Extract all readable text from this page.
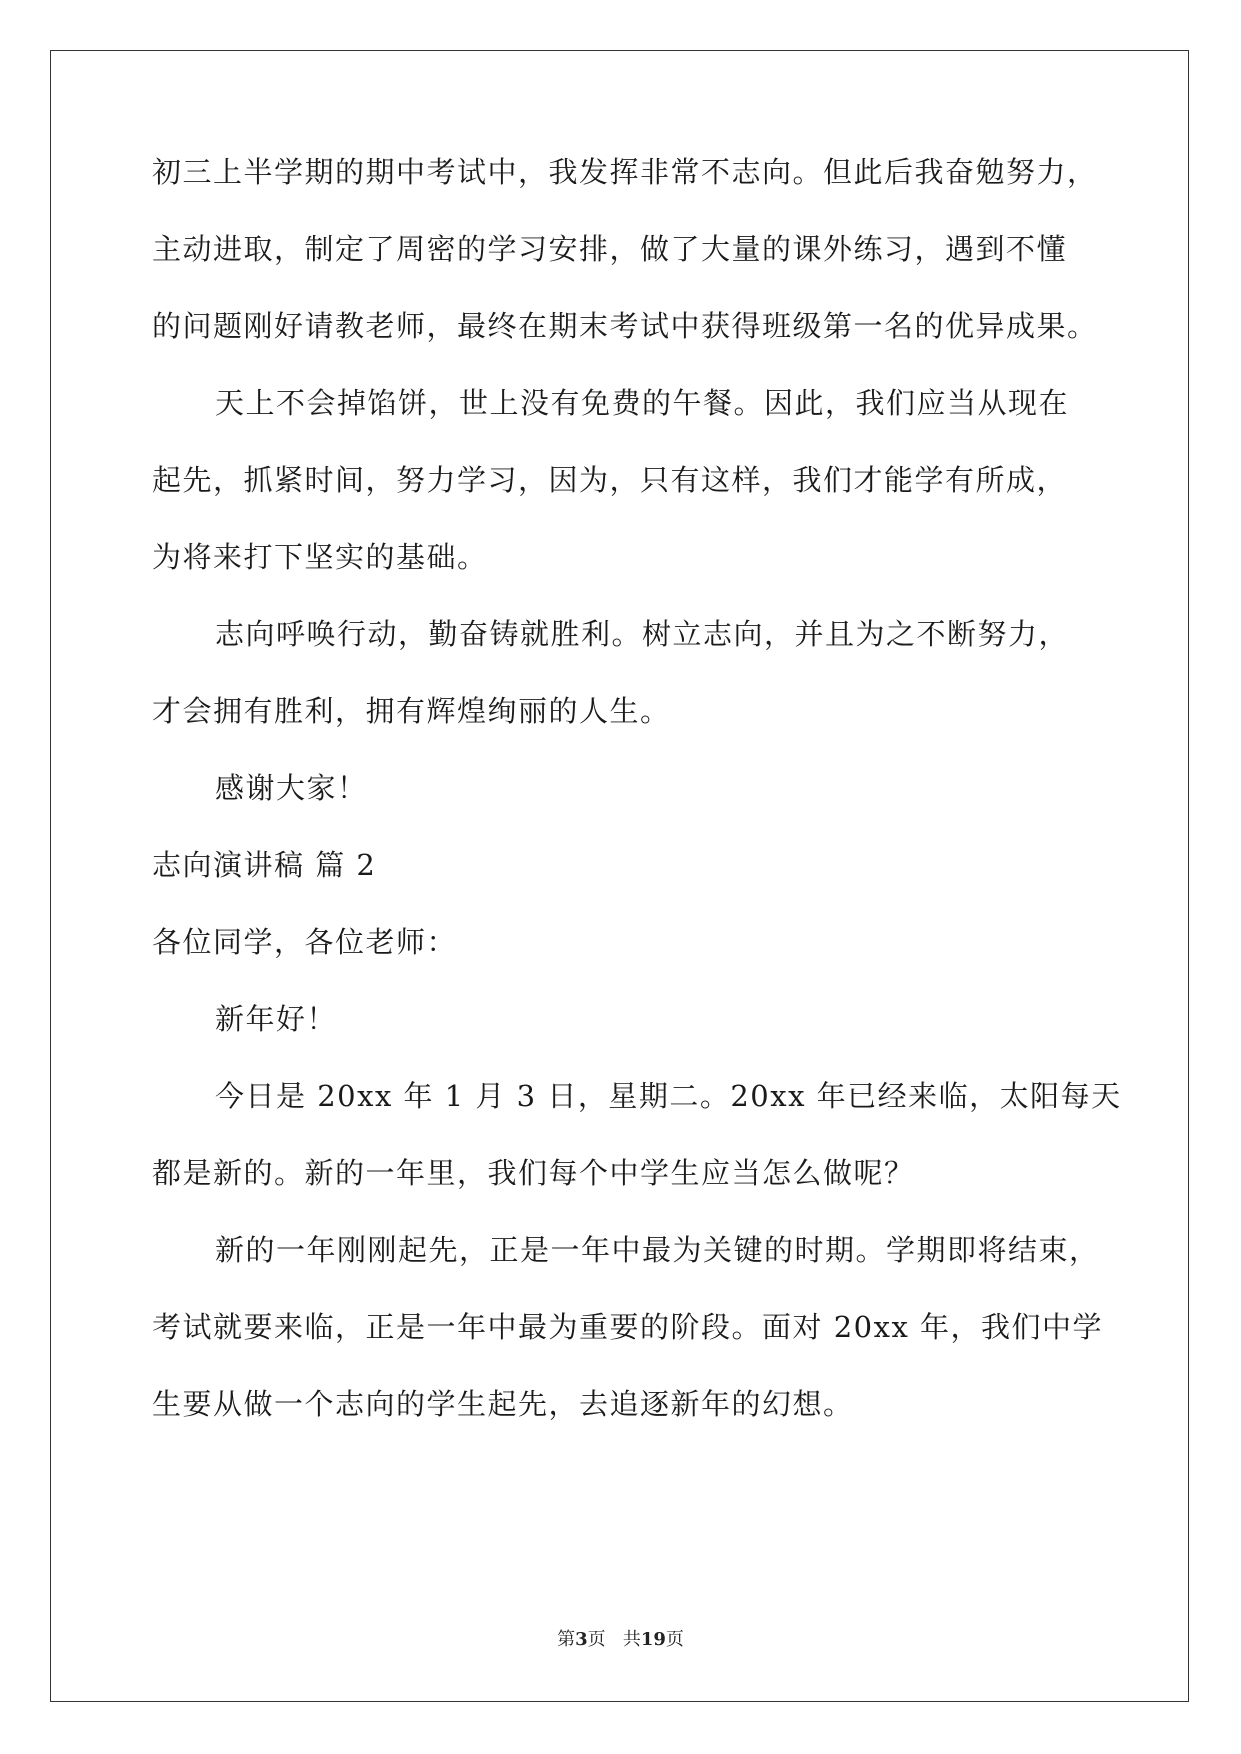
初三上半学期的期中考试中，我发挥非常不志向。但此后我奋勉努力，
主动进取，制定了周密的学习安排，做了大量的课外练习，遇到不懂
的问题刚好请教老师，最终在期末考试中获得班级第一名的优异成果。
天上不会掉馅饼，世上没有免费的午餐。因此，我们应当从现在
起先，抓紧时间，努力学习，因为，只有这样，我们才能学有所成，
为将来打下坚实的基础。
志向呼唤行动，勤奋铸就胜利。树立志向，并且为之不断努力，
才会拥有胜利，拥有辉煌绚丽的人生。
感谢大家！
志向演讲稿 篇 2
各位同学，各位老师：
新年好！
今日是 20xx 年 1 月 3 日，星期二。20xx 年已经来临，太阳每天
都是新的。新的一年里，我们每个中学生应当怎么做呢？
新的一年刚刚起先，正是一年中最为关键的时期。学期即将结束，
考试就要来临，正是一年中最为重要的阶段。面对 20xx 年，我们中学
生要从做一个志向的学生起先，去追逐新年的幻想。
第3页 共19页
